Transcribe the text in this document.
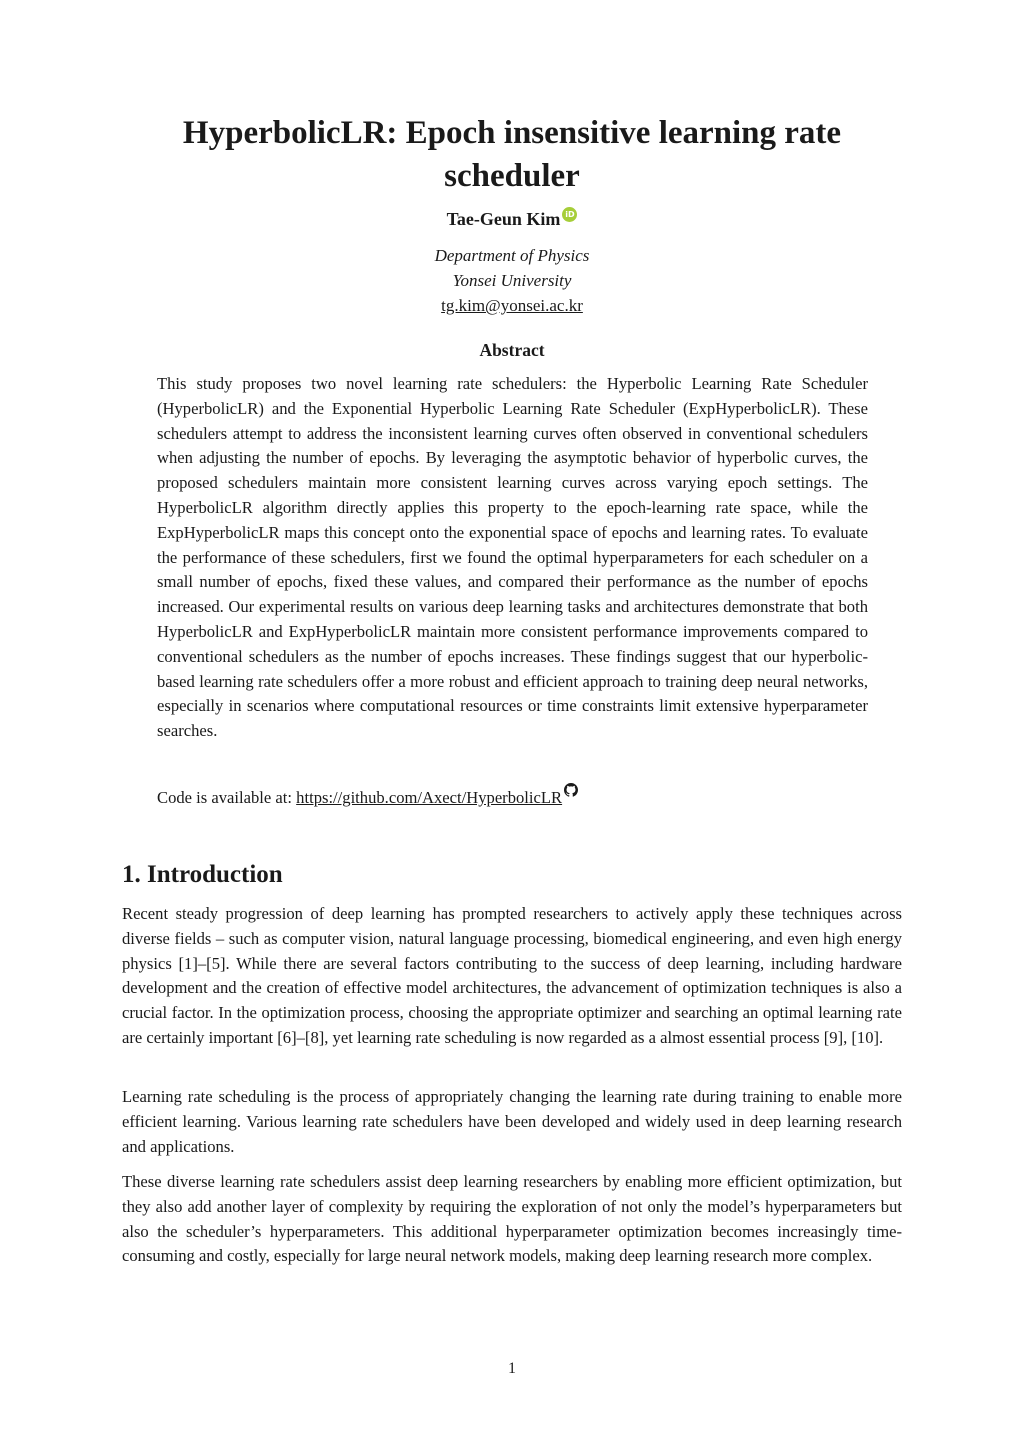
HyperbolicLR: Epoch insensitive learning rate scheduler
Tae-Geun Kim iD
Department of Physics
Yonsei University
tg.kim@yonsei.ac.kr
Abstract

This study proposes two novel learning rate schedulers: the Hyperbolic Learning Rate Scheduler (HyperbolicLR) and the Exponential Hyperbolic Learning Rate Scheduler (ExpHyperbolicLR). These schedulers attempt to address the inconsistent learning curves often observed in conventional schedulers when adjusting the number of epochs. By leveraging the asymptotic behavior of hyperbolic curves, the proposed schedulers maintain more consistent learning curves across varying epoch settings. The HyperbolicLR algorithm directly applies this property to the epoch-learning rate space, while the ExpHyperbolicLR maps this concept onto the exponential space of epochs and learning rates. To evaluate the performance of these schedulers, first we found the optimal hyperparameters for each scheduler on a small number of epochs, fixed these values, and compared their performance as the number of epochs increased. Our experimental results on various deep learning tasks and architectures demonstrate that both HyperbolicLR and ExpHyperbolicLR maintain more consistent performance improvements compared to conventional schedulers as the number of epochs increases. These findings suggest that our hyperbolic-based learning rate schedulers offer a more robust and efficient approach to training deep neural networks, especially in scenarios where computational resources or time constraints limit extensive hyperparameter searches.

Code is available at: https://github.com/Axect/HyperbolicLR
1. Introduction

Recent steady progression of deep learning has prompted researchers to actively apply these techniques across diverse fields – such as computer vision, natural language processing, biomedical engineering, and even high energy physics [1]–[5]. While there are several factors contributing to the success of deep learning, including hardware development and the creation of effective model architectures, the advancement of optimization techniques is also a crucial factor. In the optimization process, choosing the appropriate optimizer and searching an optimal learning rate are certainly important [6]–[8], yet learning rate scheduling is now regarded as a almost essential process [9], [10].

Learning rate scheduling is the process of appropriately changing the learning rate during training to enable more efficient learning. Various learning rate schedulers have been developed and widely used in deep learning research and applications.

These diverse learning rate schedulers assist deep learning researchers by enabling more efficient optimization, but they also add another layer of complexity by requiring the exploration of not only the model’s hyperparameters but also the scheduler’s hyperparameters. This additional hyperparameter optimization becomes increasingly time-consuming and costly, especially for large neural network models, making deep learning research more complex.

1
